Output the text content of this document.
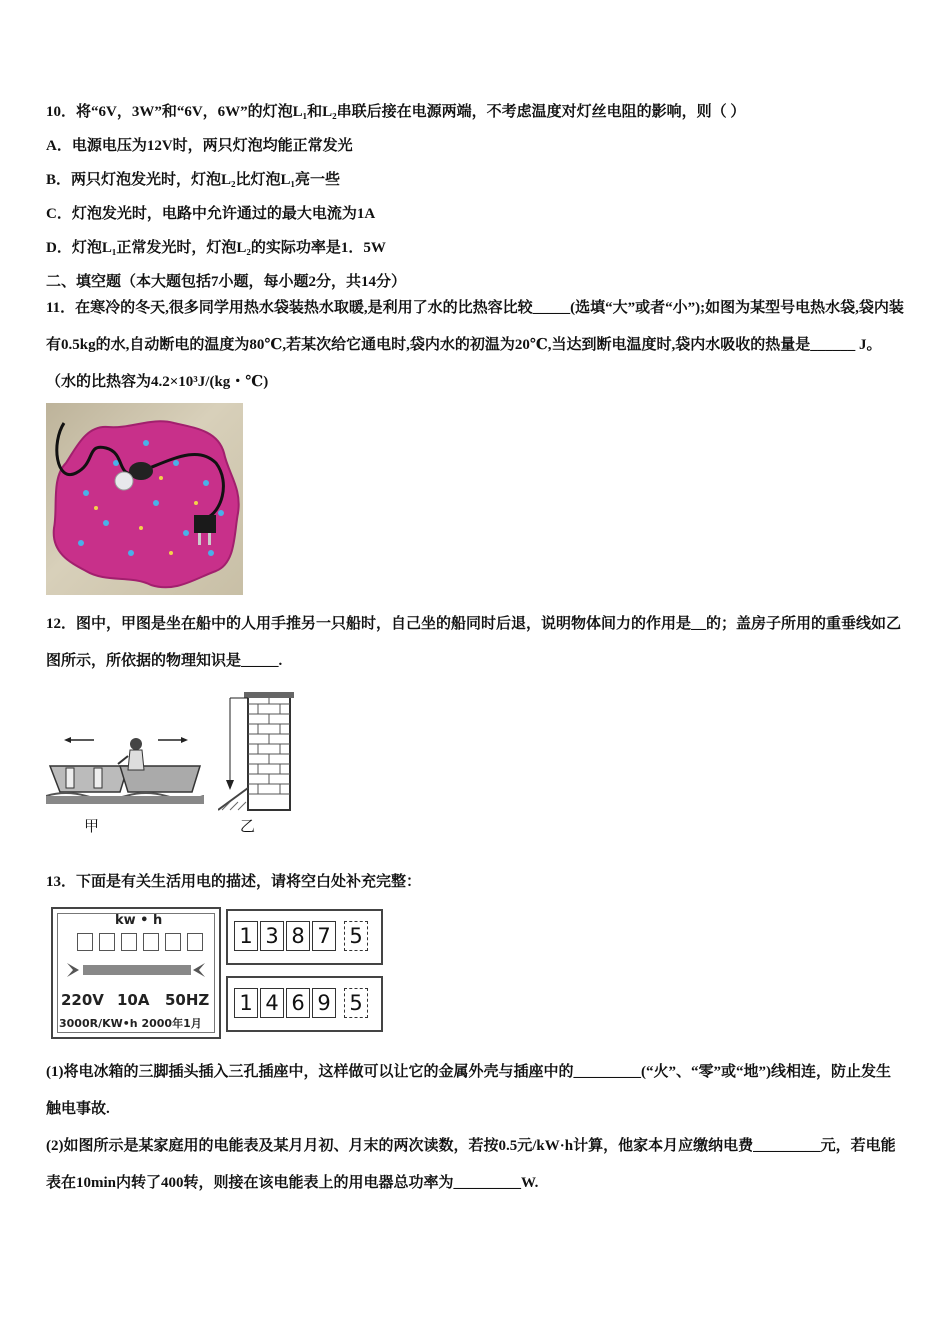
10．将“6V，3W”和“6V，6W”的灯泡L₁和L₂串联后接在电源两端，不考虑温度对灯丝电阻的影响，则（ ）
A．电源电压为12V时，两只灯泡均能正常发光
B．两只灯泡发光时，灯泡L₂比灯泡L₁亮一些
C．灯泡发光时，电路中允许通过的最大电流为1A
D．灯泡L₁正常发光时，灯泡L₂的实际功率是1．5W
二、填空题（本大题包括7小题，每小题2分，共14分）
11．在寒冷的冬天,很多同学用热水袋装热水取暖,是利用了水的比热容比较_____(选填“大”或者“小”);如图为某型号电热水袋,袋内装有0.5kg的水,自动断电的温度为80℃,若某次给它通电时,袋内水的初温为20℃,当达到断电温度时,袋内水吸收的热量是______ J。（水的比热容为4.2×10³J/(kg・℃)
12．图中，甲图是坐在船中的人用手推另一只船时，自己坐的船同时后退，说明物体间力的作用是__的；盖房子所用的重垂线如乙图所示，所依据的物理知识是_____.
甲	乙
13．下面是有关生活用电的描述，请将空白处补充完整：
kw • h
220V 10A 50HZ
3000R/KW•h 2000年1月
1 3 8 7 5
1 4 6 9 5
(1)将电冰箱的三脚插头插入三孔插座中，这样做可以让它的金属外壳与插座中的_________(“火”、“零”或“地”)线相连，防止发生触电事故.
(2)如图所示是某家庭用的电能表及某月月初、月末的两次读数，若按0.5元/kW·h计算，他家本月应缴纳电费_________元，若电能表在10min内转了400转，则接在该电能表上的用电器总功率为_________W.
